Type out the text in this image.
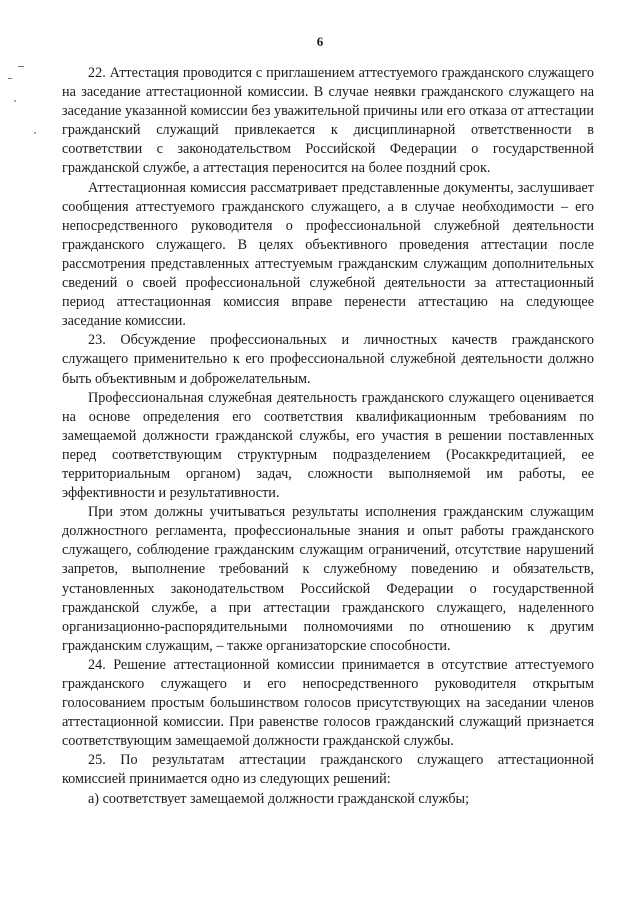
6

22. Аттестация проводится с приглашением аттестуемого гражданского служащего на заседание аттестационной комиссии. В случае неявки гражданского служащего на заседание указанной комиссии без уважительной причины или его отказа от аттестации гражданский служащий привлекается к дисциплинарной ответственности в соответствии с законодательством Российской Федерации о государственной гражданской службе, а аттестация переносится на более поздний срок.

Аттестационная комиссия рассматривает представленные документы, заслушивает сообщения аттестуемого гражданского служащего, а в случае необходимости – его непосредственного руководителя о профессиональной служебной деятельности гражданского служащего. В целях объективного проведения аттестации после рассмотрения представленных аттестуемым гражданским служащим дополнительных сведений о своей профессиональной служебной деятельности за аттестационный период аттестационная комиссия вправе перенести аттестацию на следующее заседание комиссии.

23. Обсуждение профессиональных и личностных качеств гражданского служащего применительно к его профессиональной служебной деятельности должно быть объективным и доброжелательным.

Профессиональная служебная деятельность гражданского служащего оценивается на основе определения его соответствия квалификационным требованиям по замещаемой должности гражданской службы, его участия в решении поставленных перед соответствующим структурным подразделением (Росаккредитацией, ее территориальным органом) задач, сложности выполняемой им работы, ее эффективности и результативности.

При этом должны учитываться результаты исполнения гражданским служащим должностного регламента, профессиональные знания и опыт работы гражданского служащего, соблюдение гражданским служащим ограничений, отсутствие нарушений запретов, выполнение требований к служебному поведению и обязательств, установленных законодательством Российской Федерации о государственной гражданской службе, а при аттестации гражданского служащего, наделенного организационно-распорядительными полномочиями по отношению к другим гражданским служащим, – также организаторские способности.

24. Решение аттестационной комиссии принимается в отсутствие аттестуемого гражданского служащего и его непосредственного руководителя открытым голосованием простым большинством голосов присутствующих на заседании членов аттестационной комиссии. При равенстве голосов гражданский служащий признается соответствующим замещаемой должности гражданской службы.

25. По результатам аттестации гражданского служащего аттестационной комиссией принимается одно из следующих решений:

а) соответствует замещаемой должности гражданской службы;
